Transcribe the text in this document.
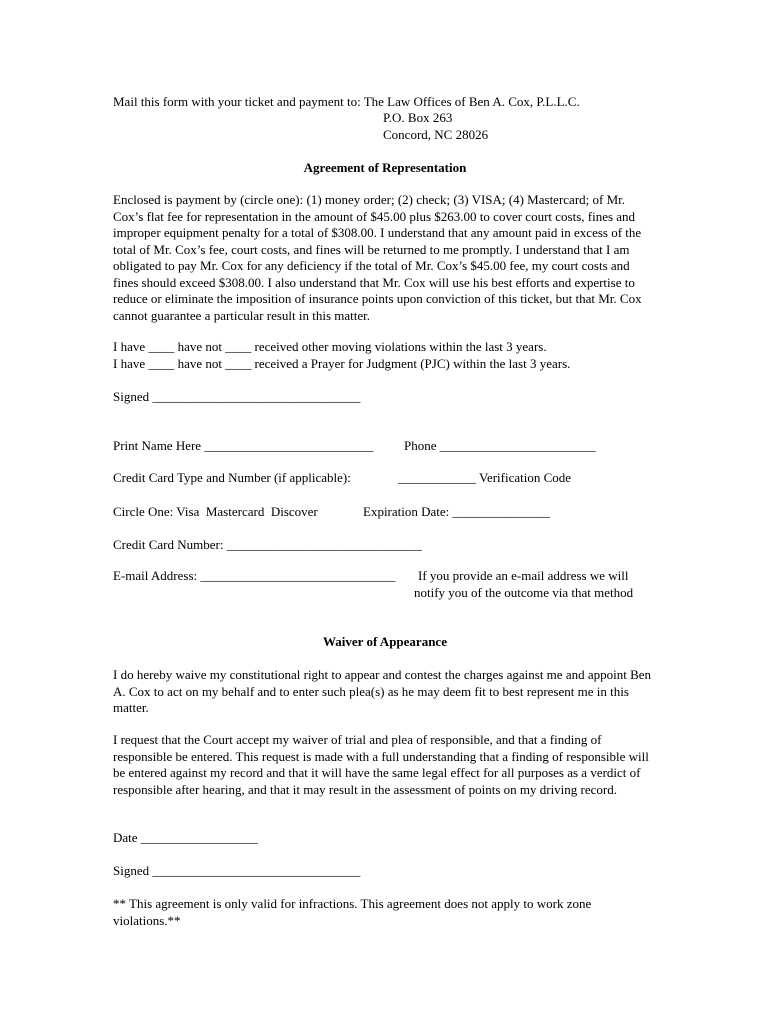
Mail this form with your ticket and payment to: The Law Offices of Ben A. Cox, P.L.L.C.
P.O. Box 263
Concord, NC 28026
Agreement of Representation
Enclosed is payment by (circle one): (1) money order; (2) check; (3) VISA; (4) Mastercard; of Mr. Cox’s flat fee for representation in the amount of $45.00 plus $263.00 to cover court costs, fines and improper equipment penalty for a total of $308.00. I understand that any amount paid in excess of the total of Mr. Cox’s fee, court costs, and fines will be returned to me promptly. I understand that I am obligated to pay Mr. Cox for any deficiency if the total of Mr. Cox’s $45.00 fee, my court costs and fines should exceed $308.00. I also understand that Mr. Cox will use his best efforts and expertise to reduce or eliminate the imposition of insurance points upon conviction of this ticket, but that Mr. Cox cannot guarantee a particular result in this matter.
I have ____ have not ____ received other moving violations within the last 3 years.
I have ____ have not ____ received a Prayer for Judgment (PJC) within the last 3 years.
Signed ________________________________
Print Name Here __________________________ Phone ________________________
Credit Card Type and Number (if applicable):	____________ Verification Code
Circle One: Visa  Mastercard  Discover	Expiration Date: _______________
Credit Card Number: ______________________________
E-mail Address: ______________________________ If you provide an e-mail address we will
notify you of the outcome via that method
Waiver of Appearance
I do hereby waive my constitutional right to appear and contest the charges against me and appoint Ben A. Cox to act on my behalf and to enter such plea(s) as he may deem fit to best represent me in this matter.
I request that the Court accept my waiver of trial and plea of responsible, and that a finding of responsible be entered. This request is made with a full understanding that a finding of responsible will be entered against my record and that it will have the same legal effect for all purposes as a verdict of responsible after hearing, and that it may result in the assessment of points on my driving record.
Date __________________
Signed ________________________________
** This agreement is only valid for infractions. This agreement does not apply to work zone violations.**
